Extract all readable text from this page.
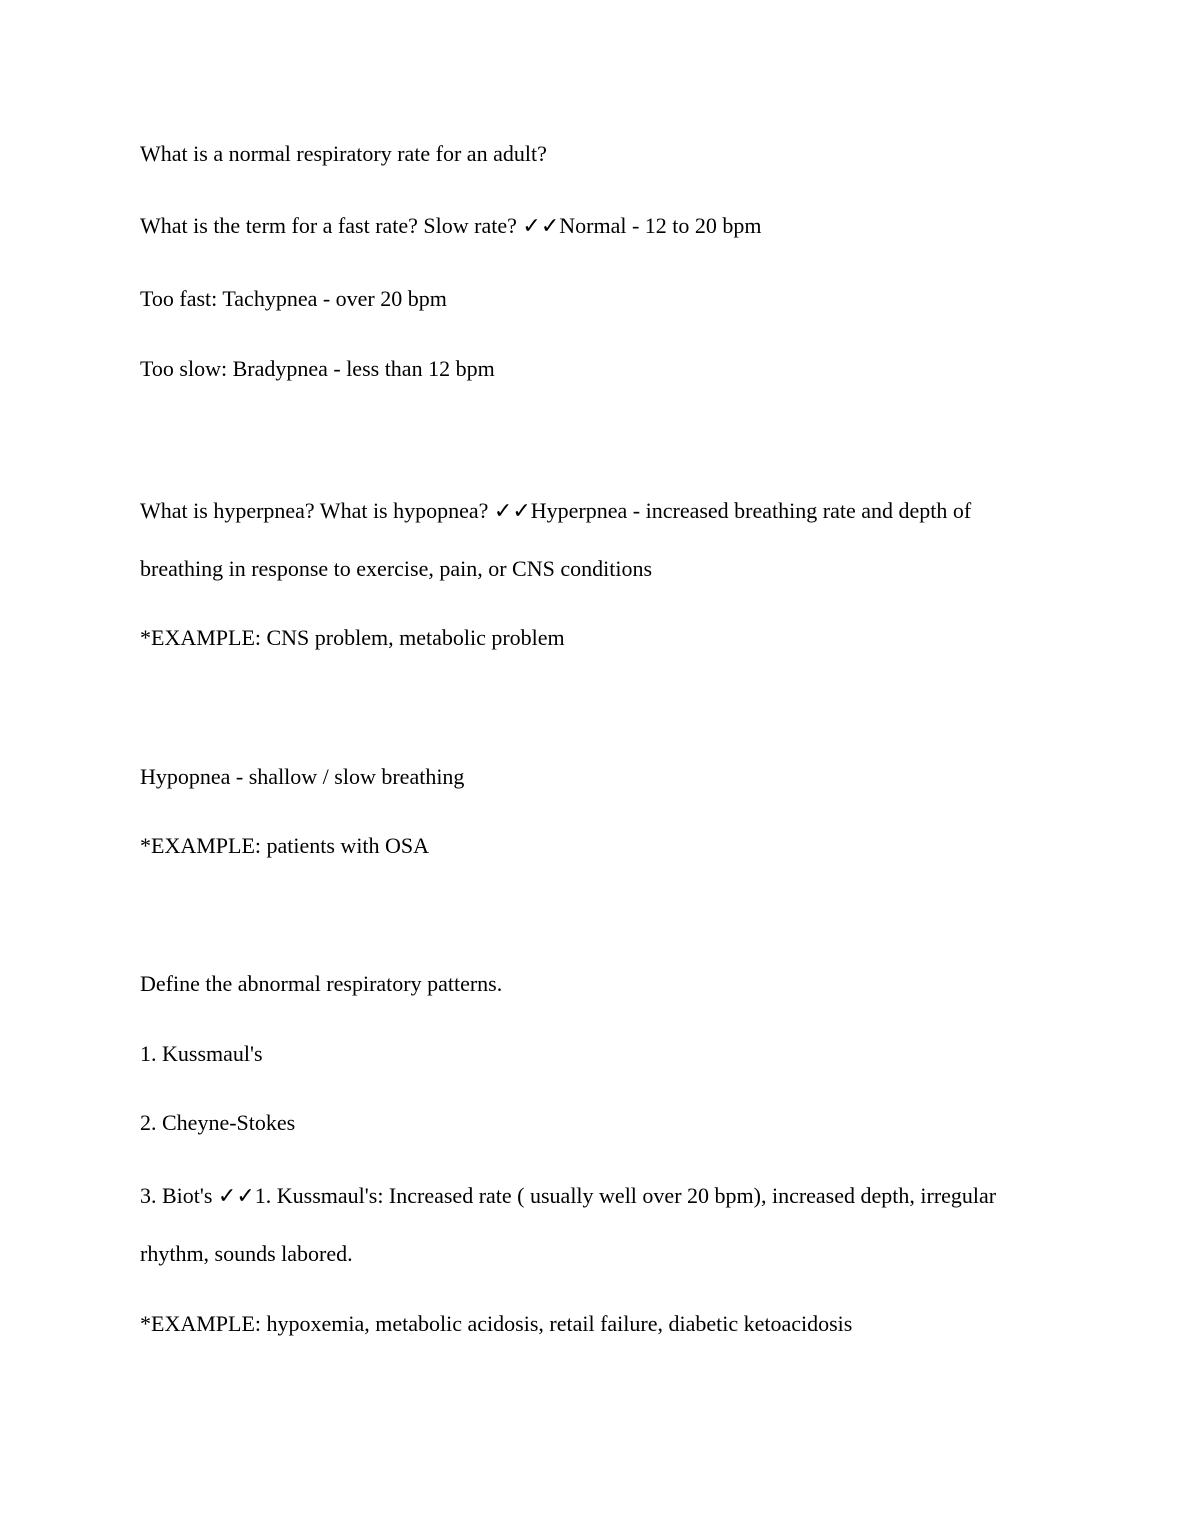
What is a normal respiratory rate for an adult?
What is the term for a fast rate? Slow rate? ✓✓Normal - 12 to 20 bpm
Too fast: Tachypnea - over 20 bpm
Too slow: Bradypnea - less than 12 bpm
What is hyperpnea? What is hypopnea? ✓✓Hyperpnea - increased breathing rate and depth of
breathing in response to exercise, pain, or CNS conditions
*EXAMPLE: CNS problem, metabolic problem
Hypopnea - shallow / slow breathing
*EXAMPLE: patients with OSA
Define the abnormal respiratory patterns.
1. Kussmaul's
2. Cheyne-Stokes
3. Biot's ✓✓1. Kussmaul's: Increased rate ( usually well over 20 bpm), increased depth, irregular
rhythm, sounds labored.
*EXAMPLE: hypoxemia, metabolic acidosis, retail failure, diabetic ketoacidosis
